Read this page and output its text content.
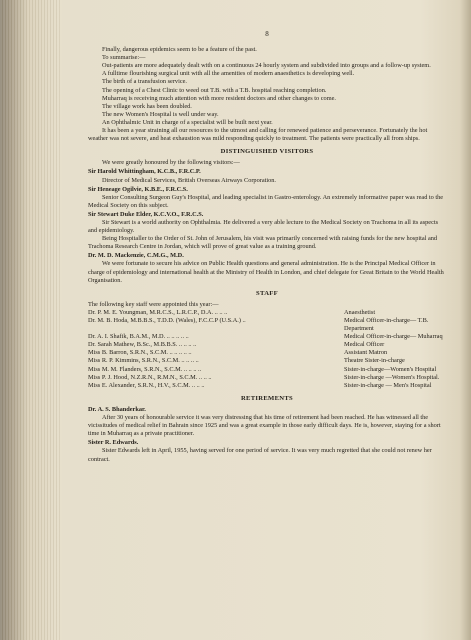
8

Finally, dangerous epidemics seem to be a feature of the past.

To summarise:—

Out-patients are more adequately dealt with on a continuous 24 hourly system and subdivided into groups and a follow-up system.

A fulltime flourishing surgical unit with all the amenities of modern anaesthetics is developing well.

The birth of a transfusion service.

The opening of a Chest Clinic to weed out T.B. with a T.B. hospital reaching completion.

Muharraq is receiving much attention with more resident doctors and other changes to come.

The village work has been doubled.

The new Women's Hospital is well under way.

An Ophthalmic Unit in charge of a specialist will be built next year.

It has been a year straining all our resources to the utmost and calling for renewed patience and perseverance. Fortunately the hot weather was not severe, and heat exhaustion was mild responding quickly to treatment. The patients were practically all from ships.

DISTINGUISHED VISITORS

We were greatly honoured by the following visitors:—

Sir Harold Whittingham, K.C.B., F.R.C.P.

Director of Medical Services, British Overseas Airways Corporation.

Sir Heneage Ogilvie, K.B.E., F.R.C.S.

Senior Consulting Surgeon Guy's Hospital, and leading specialist in Gastro-enterology. An extremely informative paper was read to the Medical Society on this subject.

Sir Stewart Duke Elder, K.C.V.O., F.R.C.S.

Sir Stewart is a world authority on Ophthalmia. He delivered a very able lecture to the Medical Society on Trachoma in all its aspects and epidemiology.

Being Hospitaller to the Order of St. John of Jerusalem, his visit was primarily concerned with raising funds for the new hospital and Trachoma Research Centre in Jordan, which will prove of great value as a training ground.

Dr. M. D. Mackenzie, C.M.G., M.D.

We were fortunate to secure his advice on Public Health questions and general administration. He is the Principal Medical Officer in charge of epidemiology and international health at the Ministry of Health in London, and chief delegate for Great Britain to the World Health Organisation.

STAFF

The following key staff were appointed this year:—

Dr. P. M. E. Youngman, M.R.C.S., L.R.C.P., D.A. .. .. ..	Anaesthetist
Dr. M. B. Hoda, M.B.B.S., T.D.D. (Wales), F.C.C.P (U.S.A.) ..	Medical Officer-in-charge— T.B. Department
Dr. A. I. Shafik, B.A.M., M.D. .. .. .. .. ..	Medical Officer-in-charge— Muharraq
Dr. Sarah Mathew, B.Sc., M.B.B.S. .. .. .. ..	Medical Officer
Miss B. Barron, S.R.N., S.C.M. .. .. .. .. ..	Assistant Matron
Miss R. P. Kimmins, S.R.N., S.C.M. .. .. .. ..	Theatre Sister-in-charge
Miss M. M. Flanders, S.R.N., S.C.M. .. .. .. ..	Sister-in-charge—Women's Hospital
Miss P. J. Hood, N.Z.R.N., R.M.N., S.C.M. .. .. ..	Sister-in-charge —Women's Hospital.
Miss E. Alexander, S.R.N., H.V., S.C.M. .. .. ..	Sister-in-charge — Men's Hospital
RETIREMENTS

Dr. A. S. Bhanderkar.

After 30 years of honourable service it was very distressing that his time of retirement had been reached. He has witnessed all the vicissitudes of medical relief in Bahrain since 1925 and was a great example in those early difficult days. He is, however, staying for a short time in Muharraq as a private practitioner.

Sister R. Edwards.

Sister Edwards left in April, 1955, having served for one period of service. It was very much regretted that she could not renew her contract.
